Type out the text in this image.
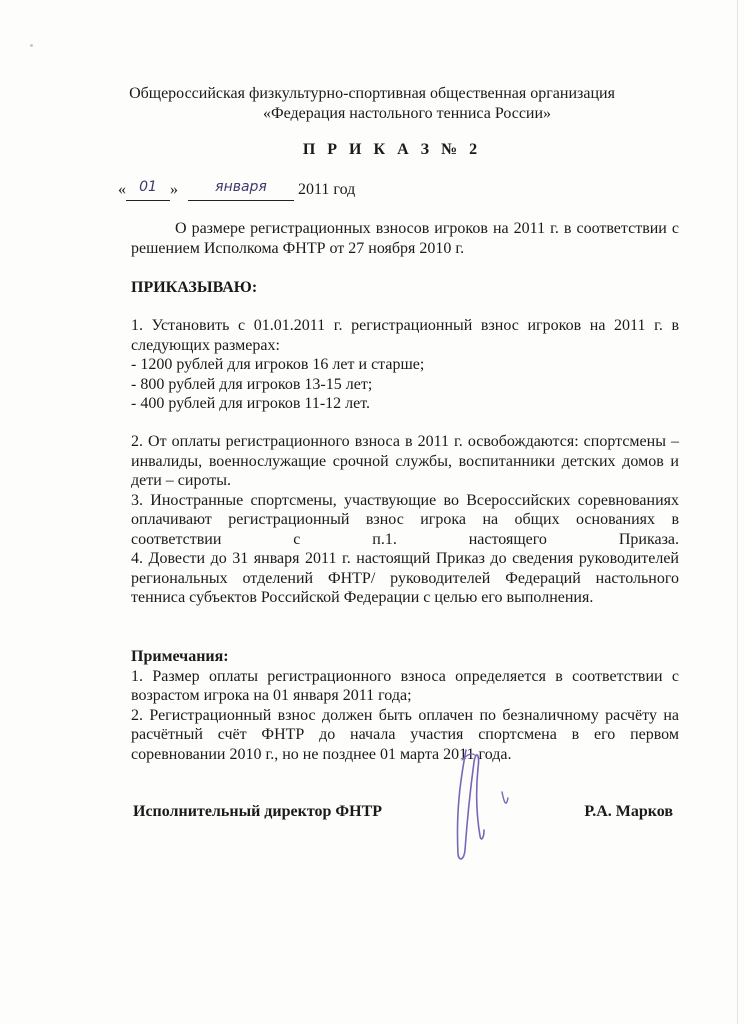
Общероссийская физкультурно-спортивная общественная организация
«Федерация настольного тенниса России»
П Р И К А З № 2
« 01 »	января 2011 год

О размере регистрационных взносов игроков на 2011 г. в соответствии с решением Исполкома ФНТР от 27 ноября 2010 г.

ПРИКАЗЫВАЮ:

1. Установить с 01.01.2011 г. регистрационный взнос игроков на 2011 г. в следующих размерах:

- 1200 рублей для игроков 16 лет и старше;

- 800 рублей для игроков 13-15 лет;

- 400 рублей для игроков 11-12 лет.

2. От оплаты регистрационного взноса в 2011 г. освобождаются: спортсмены – инвалиды, военнослужащие срочной службы, воспитанники детских домов и дети – сироты.

3. Иностранные спортсмены, участвующие во Всероссийских соревнованиях оплачивают регистрационный взнос игрока на общих основаниях в соответствии с п.1. настоящего Приказа.

4. Довести до 31 января 2011 г. настоящий Приказ до сведения руководителей региональных отделений ФНТР/ руководителей Федераций настольного тенниса субъектов Российской Федерации с целью его выполнения.

Примечания:

1. Размер оплаты регистрационного взноса определяется в соответствии с возрастом игрока на 01 января 2011 года;

2. Регистрационный взнос должен быть оплачен по безналичному расчёту на расчётный счёт ФНТР до начала участия спортсмена в его первом соревновании 2010 г., но не позднее 01 марта 2011 года.

Исполнительный директор ФНТР	Р.А. Марков
